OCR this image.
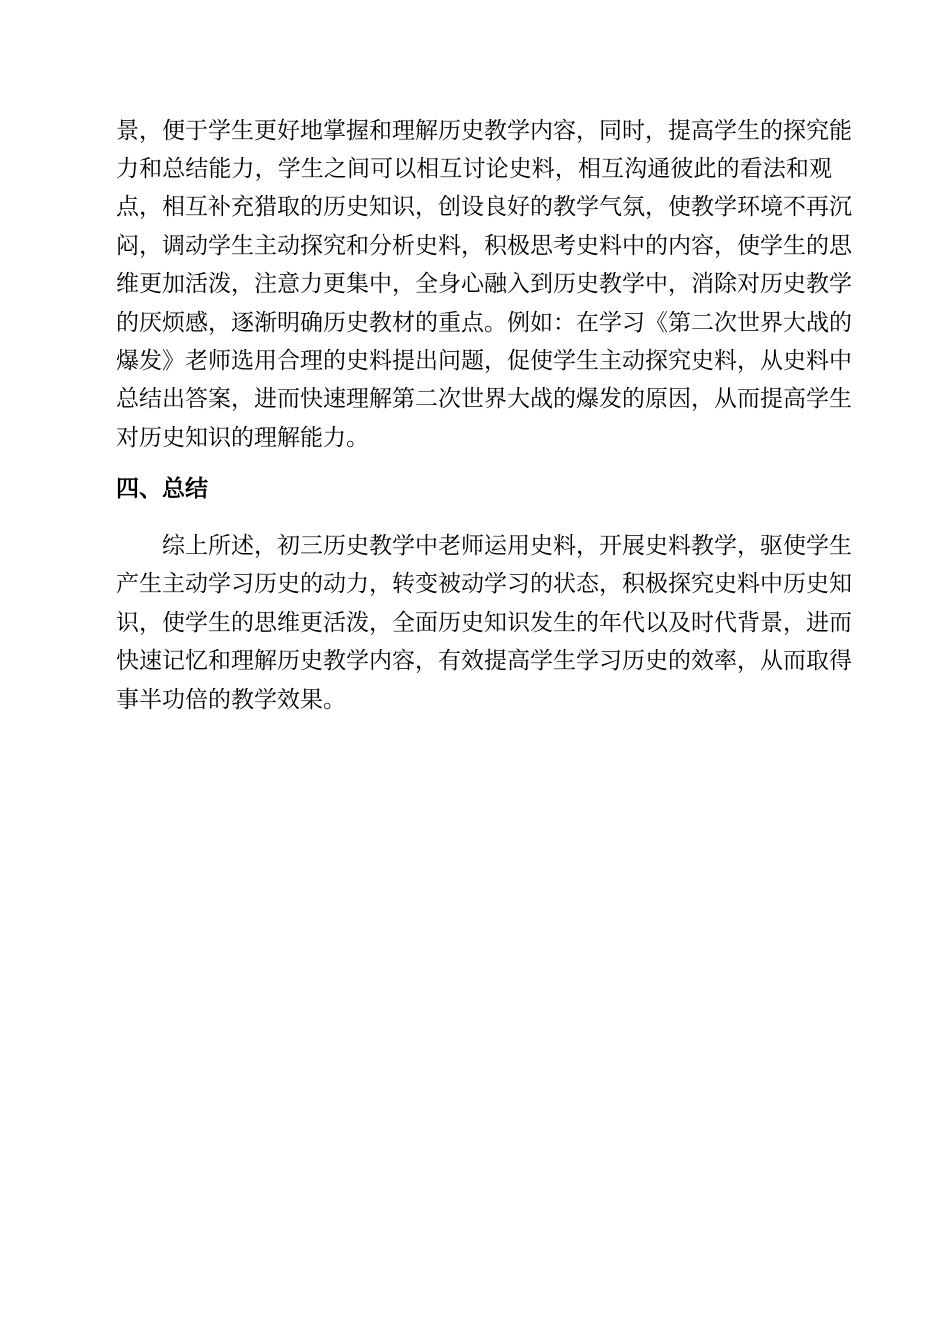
景，便于学生更好地掌握和理解历史教学内容，同时，提高学生的探究能
力和总结能力，学生之间可以相互讨论史料，相互沟通彼此的看法和观
点，相互补充猎取的历史知识，创设良好的教学气氛，使教学环境不再沉
闷，调动学生主动探究和分析史料，积极思考史料中的内容，使学生的思
维更加活泼，注意力更集中，全身心融入到历史教学中，消除对历史教学
的厌烦感，逐渐明确历史教材的重点。例如：在学习《第二次世界大战的
爆发》老师选用合理的史料提出问题，促使学生主动探究史料，从史料中
总结出答案，进而快速理解第二次世界大战的爆发的原因，从而提高学生
对历史知识的理解能力。
四、总结
综上所述，初三历史教学中老师运用史料，开展史料教学，驱使学生
产生主动学习历史的动力，转变被动学习的状态，积极探究史料中历史知
识，使学生的思维更活泼，全面历史知识发生的年代以及时代背景，进而
快速记忆和理解历史教学内容，有效提高学生学习历史的效率，从而取得
事半功倍的教学效果。
